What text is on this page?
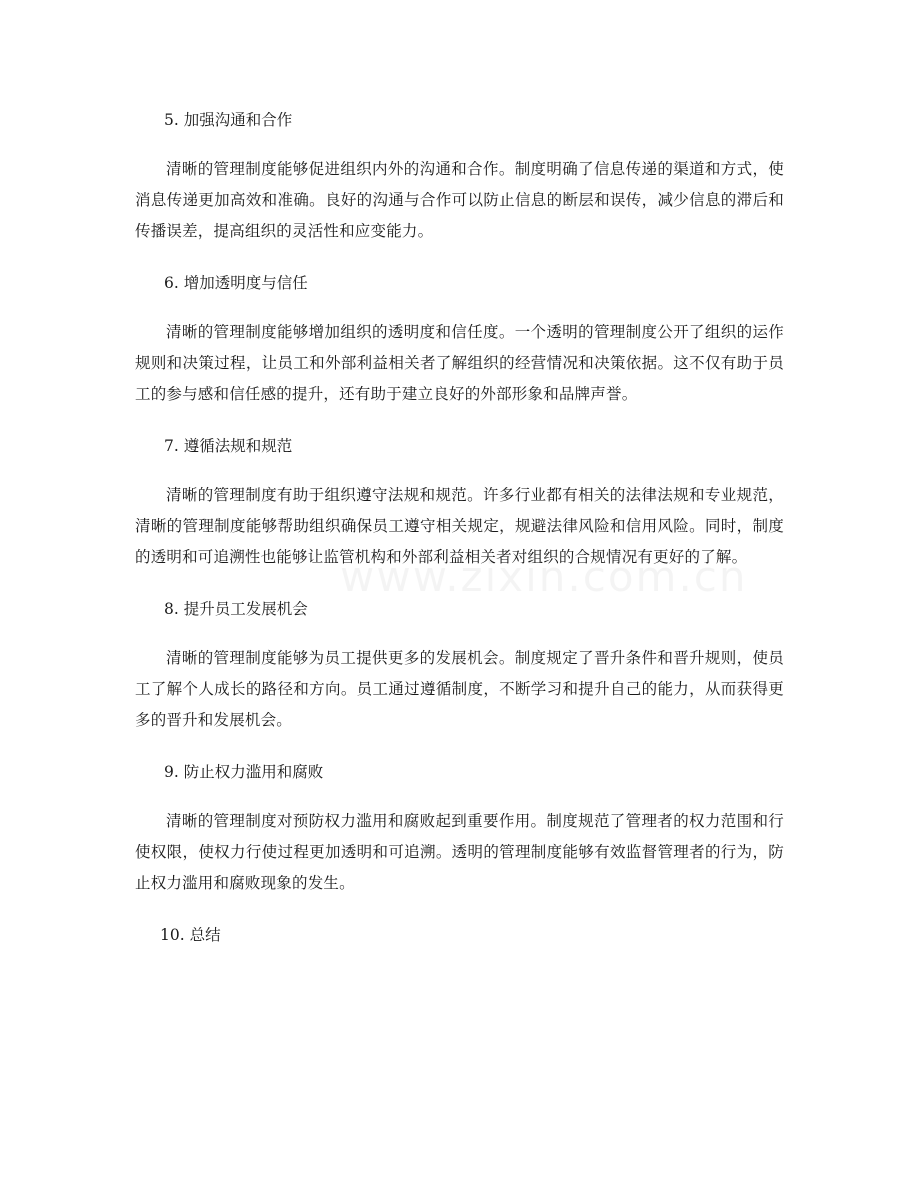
5. 加强沟通和合作

清晰的管理制度能够促进组织内外的沟通和合作。制度明确了信息传递的渠道和方式，使消息传递更加高效和准确。良好的沟通与合作可以防止信息的断层和误传，减少信息的滞后和传播误差，提高组织的灵活性和应变能力。

6. 增加透明度与信任

清晰的管理制度能够增加组织的透明度和信任度。一个透明的管理制度公开了组织的运作规则和决策过程，让员工和外部利益相关者了解组织的经营情况和决策依据。这不仅有助于员工的参与感和信任感的提升，还有助于建立良好的外部形象和品牌声誉。

7. 遵循法规和规范

清晰的管理制度有助于组织遵守法规和规范。许多行业都有相关的法律法规和专业规范，清晰的管理制度能够帮助组织确保员工遵守相关规定，规避法律风险和信用风险。同时，制度的透明和可追溯性也能够让监管机构和外部利益相关者对组织的合规情况有更好的了解。

8. 提升员工发展机会

清晰的管理制度能够为员工提供更多的发展机会。制度规定了晋升条件和晋升规则，使员工了解个人成长的路径和方向。员工通过遵循制度，不断学习和提升自己的能力，从而获得更多的晋升和发展机会。

9. 防止权力滥用和腐败

清晰的管理制度对预防权力滥用和腐败起到重要作用。制度规范了管理者的权力范围和行使权限，使权力行使过程更加透明和可追溯。透明的管理制度能够有效监督管理者的行为，防止权力滥用和腐败现象的发生。

10. 总结
